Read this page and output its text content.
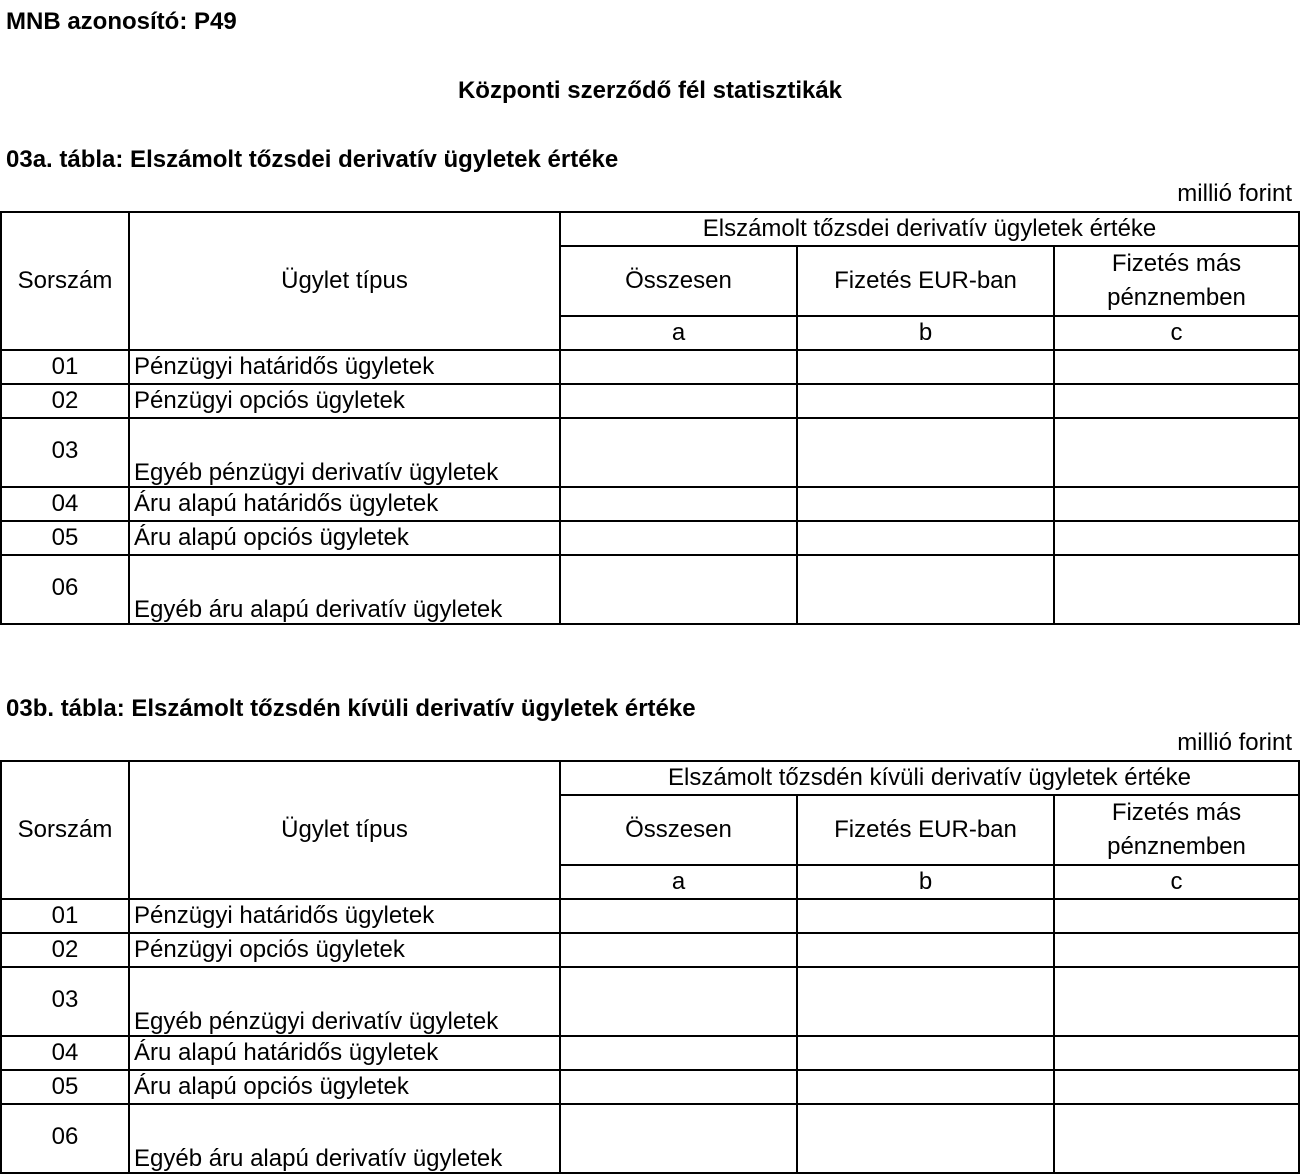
MNB azonosító: P49
Központi szerződő fél statisztikák
03a. tábla: Elszámolt tőzsdei derivatív ügyletek értéke
millió forint
Sorszám	Ügylet típus	Elszámolt tőzsdei derivatív ügyletek értéke		
		Összesen	Fizetés EUR-ban	Fizetés más pénznemben
		a	b	c
01	Pénzügyi határidős ügyletek			
02	Pénzügyi opciós ügyletek			
03	Egyéb pénzügyi derivatív ügyletek			
04	Áru alapú határidős ügyletek			
05	Áru alapú opciós ügyletek			
06	Egyéb áru alapú derivatív ügyletek			
03b. tábla: Elszámolt tőzsdén kívüli derivatív ügyletek értéke
millió forint
Sorszám	Ügylet típus	Elszámolt tőzsdén kívüli derivatív ügyletek értéke		
		Összesen	Fizetés EUR-ban	Fizetés más pénznemben
		a	b	c
01	Pénzügyi határidős ügyletek			
02	Pénzügyi opciós ügyletek			
03	Egyéb pénzügyi derivatív ügyletek			
04	Áru alapú határidős ügyletek			
05	Áru alapú opciós ügyletek			
06	Egyéb áru alapú derivatív ügyletek			
